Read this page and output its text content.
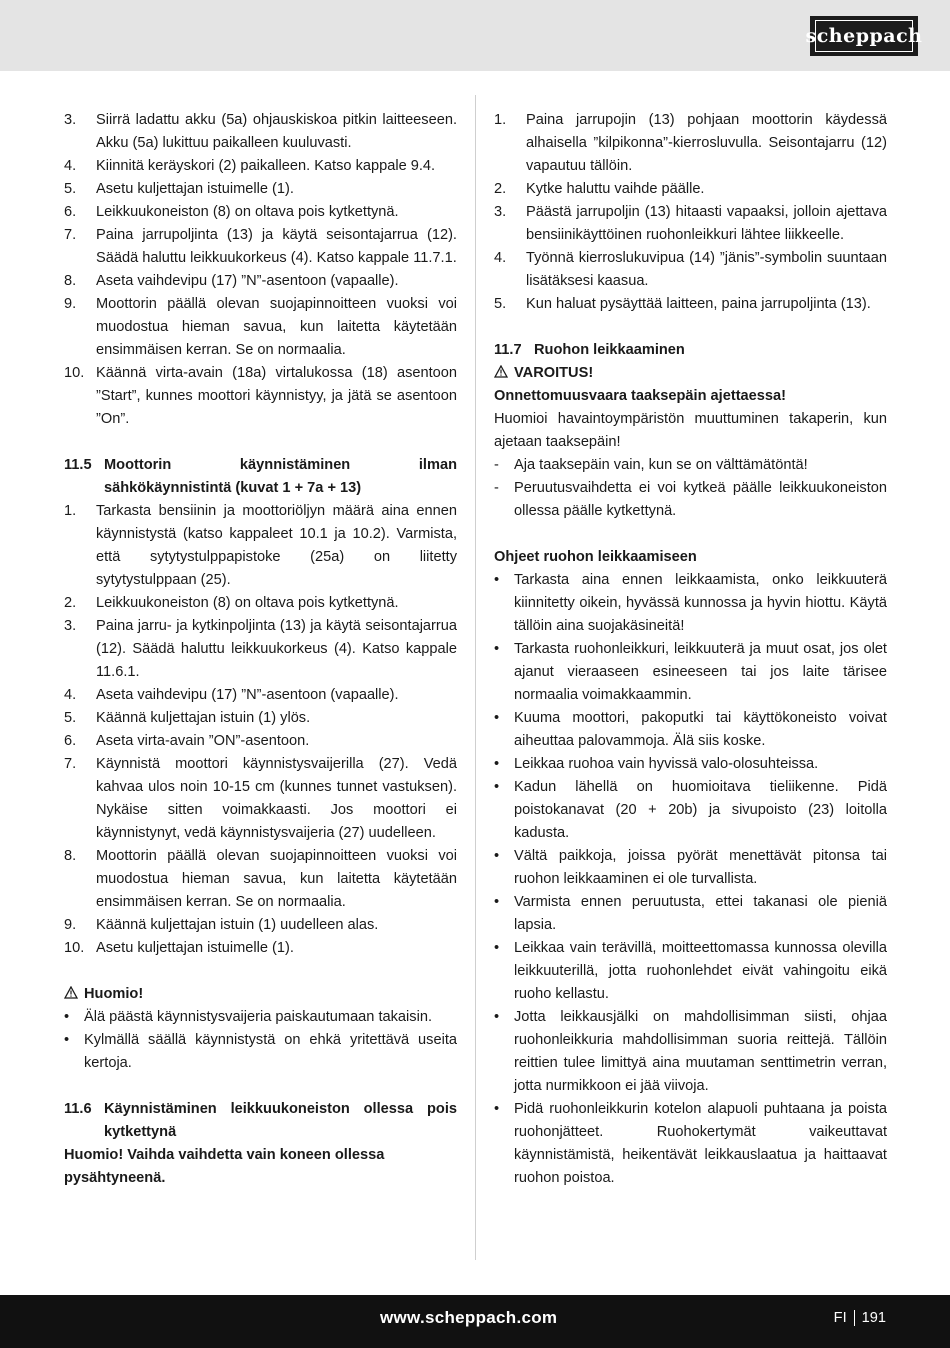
scheppach
3. Siirrä ladattu akku (5a) ohjauskiskoa pitkin laitteeseen. Akku (5a) lukittuu paikalleen kuuluvasti.
4. Kiinnitä keräyskori (2) paikalleen. Katso kappale 9.4.
5. Asetu kuljettajan istuimelle (1).
6. Leikkuukoneiston (8) on oltava pois kytkettynä.
7. Paina jarrupoljinta (13) ja käytä seisontajarrua (12). Säädä haluttu leikkuukorkeus (4). Katso kappale 11.7.1.
8. Aseta vaihdevipu (17) ”N”-asentoon (vapaalle).
9. Moottorin päällä olevan suojapinnoitteen vuoksi voi muodostua hieman savua, kun laitetta käytetään ensimmäisen kerran. Se on normaalia.
10. Käännä virta-avain (18a) virtalukossa (18) asentoon ”Start”, kunnes moottori käynnistyy, ja jätä se asentoon ”On”.
11.5 Moottorin käynnistäminen ilman sähkökäynnistintä (kuvat 1 + 7a + 13)
1. Tarkasta bensiinin ja moottoriöljyn määrä aina ennen käynnistystä (katso kappaleet 10.1 ja 10.2). Varmista, että sytytystulppapistoke (25a) on liitetty sytytystulppaan (25).
2. Leikkuukoneiston (8) on oltava pois kytkettynä.
3. Paina jarru- ja kytkinpoljinta (13) ja käytä seisontajarrua (12). Säädä haluttu leikkuukorkeus (4). Katso kappale 11.6.1.
4. Aseta vaihdevipu (17) ”N”-asentoon (vapaalle).
5. Käännä kuljettajan istuin (1) ylös.
6. Aseta virta-avain ”ON”-asentoon.
7. Käynnistä moottori käynnistysvaijerilla (27). Vedä kahvaa ulos noin 10-15 cm (kunnes tunnet vastuksen). Nykäise sitten voimakkaasti. Jos moottori ei käynnistynyt, vedä käynnistysvaijeria (27) uudelleen.
8. Moottorin päällä olevan suojapinnoitteen vuoksi voi muodostua hieman savua, kun laitetta käytetään ensimmäisen kerran. Se on normaalia.
9. Käännä kuljettajan istuin (1) uudelleen alas.
10. Asetu kuljettajan istuimelle (1).
Huomio!
• Älä päästä käynnistysvaijeria paiskautumaan takaisin.
• Kylmällä säällä käynnistystä on ehkä yritettävä useita kertoja.
11.6 Käynnistäminen leikkuukoneiston ollessa pois kytkettynä
Huomio! Vaihda vaihdetta vain koneen ollessa pysähtyneenä.
1. Paina jarrupojin (13) pohjaan moottorin käydessä alhaisella ”kilpikonna”-kierrosluvulla. Seisontajarru (12) vapautuu tällöin.
2. Kytke haluttu vaihde päälle.
3. Päästä jarrupoljin (13) hitaasti vapaaksi, jolloin ajettava bensiinikäyttöinen ruohonleikkuri lähtee liikkeelle.
4. Työnnä kierroslukuvipua (14) ”jänis”-symbolin suuntaan lisätäksesi kaasua.
5. Kun haluat pysäyttää laitteen, paina jarrupoljinta (13).
11.7 Ruohon leikkaaminen
VAROITUS!
Onnettomuusvaara taaksepäin ajettaessa!
Huomioi havaintoympäristön muuttuminen takaperin, kun ajetaan taaksepäin!
- Aja taaksepäin vain, kun se on välttämätöntä!
- Peruutusvaihdetta ei voi kytkeä päälle leikkuukoneiston ollessa päälle kytkettynä.
Ohjeet ruohon leikkaamiseen
• Tarkasta aina ennen leikkaamista, onko leikkuuterä kiinnitetty oikein, hyvässä kunnossa ja hyvin hiottu. Käytä tällöin aina suojakäsineitä!
• Tarkasta ruohonleikkuri, leikkuuterä ja muut osat, jos olet ajanut vieraaseen esineeseen tai jos laite tärisee normaalia voimakkaammin.
• Kuuma moottori, pakoputki tai käyttökoneisto voivat aiheuttaa palovammoja. Älä siis koske.
• Leikkaa ruohoa vain hyvissä valo-olosuhteissa.
• Kadun lähellä on huomioitava tieliikenne. Pidä poistokanavat (20 + 20b) ja sivupoisto (23) loitolla kadusta.
• Vältä paikkoja, joissa pyörät menettävät pitonsa tai ruohon leikkaaminen ei ole turvallista.
• Varmista ennen peruutusta, ettei takanasi ole pieniä lapsia.
• Leikkaa vain terävillä, moitteettomassa kunnossa olevilla leikkuuterillä, jotta ruohonlehdet eivät vahingoitu eikä ruoho kellastu.
• Jotta leikkausjälki on mahdollisimman siisti, ohjaa ruohonleikkuria mahdollisimman suoria reittejä. Tällöin reittien tulee limittyä aina muutaman senttimetrin verran, jotta nurmikkoon ei jää viivoja.
• Pidä ruohonleikkurin kotelon alapuoli puhtaana ja poista ruohonjätteet. Ruohokertymät vaikeuttavat käynnistämistä, heikentävät leikkauslaatua ja haittaavat ruohon poistoa.
www.scheppach.com	FI 191
